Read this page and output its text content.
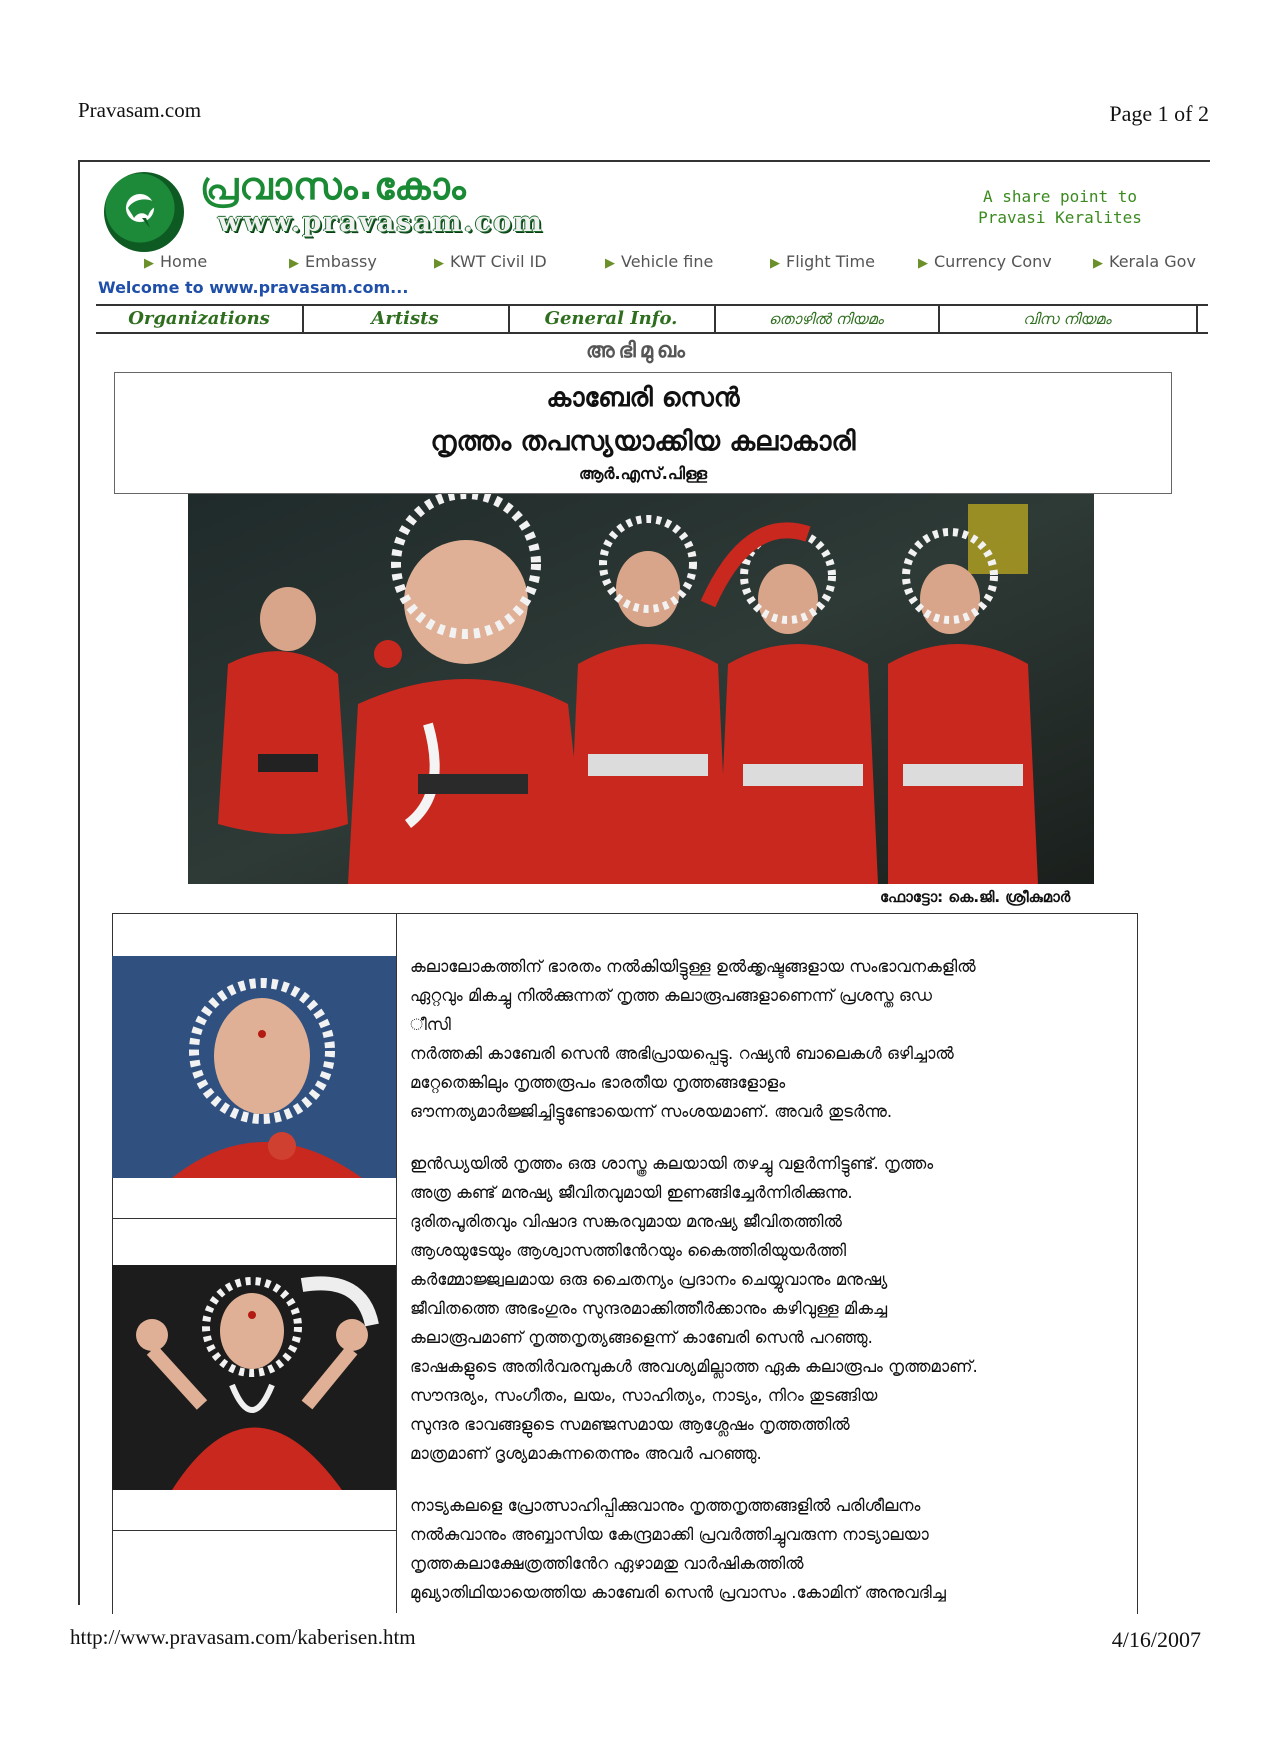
Pravasam.com	Page 1 of 2
പ്രവാസം.കോം
www.pravasam.com
A share point to
Pravasi Keralites
▶ Home	▶ Embassy	▶ KWT Civil ID	▶ Vehicle fine	▶ Flight Time	▶ Currency Conv	▶ Kerala Gov
Welcome to www.pravasam.com...
Organizations	Artists	General Info.	തൊഴിൽ നിയമം	വിസ നിയമം
അഭിമുഖം
കാബേരി സെൻ
നൃത്തം തപസ്യയാക്കിയ കലാകാരി
ആർ.എസ്.പിള്ള
ഫോട്ടോ: കെ.ജി. ശ്രീകുമാർ

കലാലോകത്തിന് ഭാരതം നൽകിയിട്ടുള്ള ഉൽക്കൃഷ്ടങ്ങളായ സംഭാവനകളിൽ
ഏറ്റവും മികച്ചു നിൽക്കുന്നത് നൃത്ത കലാരൂപങ്ങളാണെന്ന് പ്രശസ്ത ഒഡ
ീസി
നർത്തകി കാബേരി സെൻ അഭിപ്രായപ്പെട്ടു. റഷ്യൻ ബാലെകൾ ഒഴിച്ചാൽ
മറ്റേതെങ്കിലും നൃത്തരൂപം ഭാരതീയ നൃത്തങ്ങളോളം
ഔന്നത്യമാർജ്ജിച്ചിട്ടുണ്ടോയെന്ന് സംശയമാണ്. അവർ തുടർന്നു.

ഇൻഡ്യയിൽ നൃത്തം ഒരു ശാസ്ത്ര കലയായി തഴച്ചു വളർന്നിട്ടുണ്ട്. നൃത്തം
അത്ര കണ്ട് മനുഷ്യ ജീവിതവുമായി ഇണങ്ങിച്ചേർന്നിരിക്കുന്നു.
ദുരിതപൂരിതവും വിഷാദ സങ്കരവുമായ മനുഷ്യ ജീവിതത്തിൽ
ആശയുടേയും ആശ്വാസത്തിൻേറയും കൈത്തിരിയുയർത്തി
കർമ്മോജ്ജ്വലമായ ഒരു ചൈതന്യം പ്രദാനം ചെയ്യുവാനും മനുഷ്യ
ജീവിതത്തെ അഭംഗുരം സുന്ദരമാക്കിത്തീർക്കാനും കഴിവുള്ള മികച്ച
കലാരൂപമാണ് നൃത്തനൃത്യങ്ങളെന്ന് കാബേരി സെൻ പറഞ്ഞു.
ഭാഷകളുടെ അതിർവരമ്പുകൾ അവശ്യമില്ലാത്ത ഏക കലാരൂപം നൃത്തമാണ്.
സൗന്ദര്യം, സംഗീതം, ലയം, സാഹിത്യം, നാട്യം, നിറം തുടങ്ങിയ
സുന്ദര ഭാവങ്ങളുടെ സമഞ്ജസമായ ആശ്ലേഷം നൃത്തത്തിൽ
മാത്രമാണ് ദൃശ്യമാകുന്നതെന്നും അവർ പറഞ്ഞു.

നാട്യകലളെ പ്രോത്സാഹിപ്പിക്കുവാനും നൃത്തനൃത്തങ്ങളിൽ പരിശീലനം
നൽകുവാനും അബ്ബാസിയ കേന്ദ്രമാക്കി പ്രവർത്തിച്ചുവരുന്ന നാട്യാലയാ
നൃത്തകലാക്ഷേത്രത്തിൻേറ ഏഴാമതു വാർഷികത്തിൽ
മുഖ്യാതിഥിയായെത്തിയ കാബേരി സെൻ പ്രവാസം .കോമിന് അനുവദിച്ച

http://www.pravasam.com/kaberisen.htm	4/16/2007
